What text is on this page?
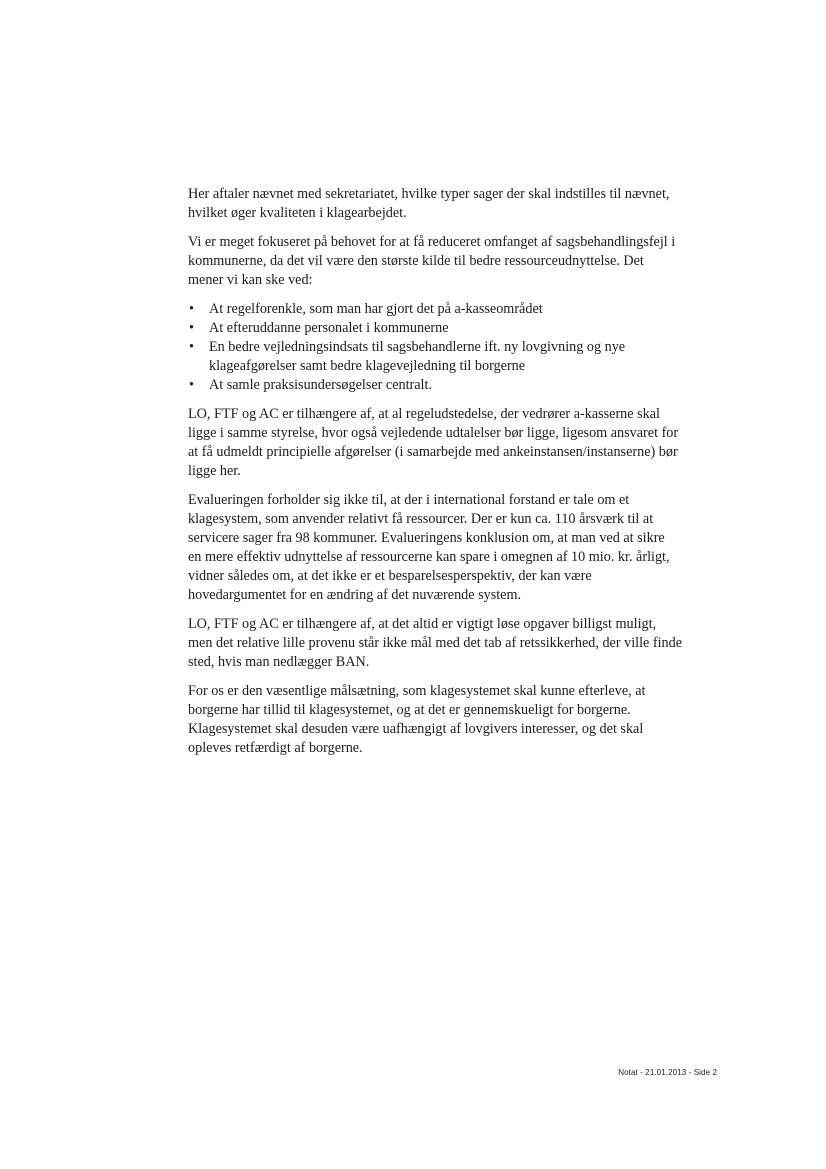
Her aftaler nævnet med sekretariatet, hvilke typer sager der skal indstilles til nævnet,
hvilket øger kvaliteten i klagearbejdet.

Vi er meget fokuseret på behovet for at få reduceret omfanget af sagsbehandlingsfejl i
kommunerne, da det vil være den største kilde til bedre ressourceudnyttelse. Det
mener vi kan ske ved:

•	At regelforenkle, som man har gjort det på a-kasseområdet
•	At efteruddanne personalet i kommunerne
•	En bedre vejledningsindsats til sagsbehandlerne ift. ny lovgivning og nye
klageafgørelser samt bedre klagevejledning til borgerne
•	At samle praksisundersøgelser centralt.

LO, FTF og AC er tilhængere af, at al regeludstedelse, der vedrører a-kasserne skal
ligge i samme styrelse, hvor også vejledende udtalelser bør ligge, ligesom ansvaret for
at få udmeldt principielle afgørelser (i samarbejde med ankeinstansen/instanserne) bør
ligge her.

Evalueringen forholder sig ikke til, at der i international forstand er tale om et
klagesystem, som anvender relativt få ressourcer. Der er kun ca. 110 årsværk til at
servicere sager fra 98 kommuner. Evalueringens konklusion om, at man ved at sikre
en mere effektiv udnyttelse af ressourcerne kan spare i omegnen af 10 mio. kr. årligt,
vidner således om, at det ikke er et besparelsesperspektiv, der kan være
hovedargumentet for en ændring af det nuværende system.

LO, FTF og AC er tilhængere af, at det altid er vigtigt løse opgaver billigst muligt,
men det relative lille provenu står ikke mål med det tab af retssikkerhed, der ville finde
sted, hvis man nedlægger BAN.

For os er den væsentlige målsætning, som klagesystemet skal kunne efterleve, at
borgerne har tillid til klagesystemet, og at det er gennemskueligt for borgerne.
Klagesystemet skal desuden være uafhængigt af lovgivers interesser, og det skal
opleves retfærdigt af borgerne.

Notat - 21.01.2013 - Side 2
